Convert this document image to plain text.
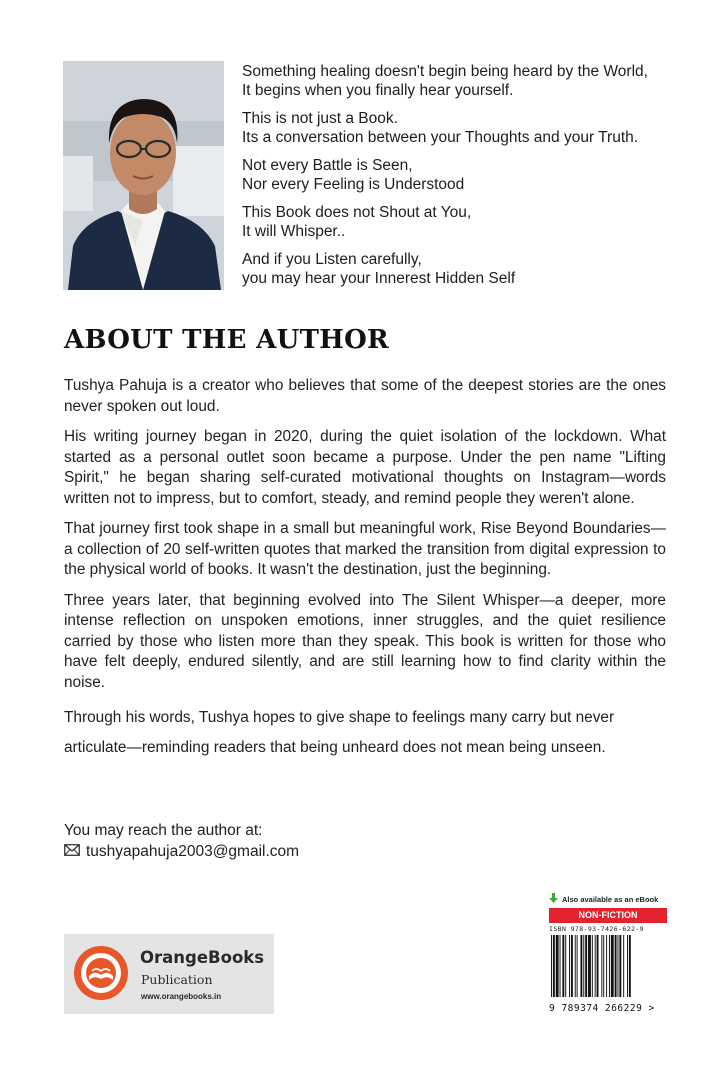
Something healing doesn't begin being heard by the World,
It begins when you finally hear yourself.
This is not just a Book.
Its a conversation between your Thoughts and your Truth.
Not every Battle is Seen,
Nor every Feeling is Understood
This Book does not Shout at You,
It will Whisper..
And if you Listen carefully,
you may hear your Innerest Hidden Self
ABOUT THE AUTHOR

Tushya Pahuja is a creator who believes that some of the deepest stories are the ones never spoken out loud.

His writing journey began in 2020, during the quiet isolation of the lockdown. What started as a personal outlet soon became a purpose. Under the pen name "Lifting Spirit," he began sharing self-curated motivational thoughts on Instagram—words written not to impress, but to comfort, steady, and remind people they weren't alone.

That journey first took shape in a small but meaningful work, Rise Beyond Boundaries—a collection of 20 self-written quotes that marked the transition from digital expression to the physical world of books. It wasn't the destination, just the beginning.

Three years later, that beginning evolved into The Silent Whisper—a deeper, more intense reflection on unspoken emotions, inner struggles, and the quiet resilience carried by those who listen more than they speak. This book is written for those who have felt deeply, endured silently, and are still learning how to find clarity within the noise.

Through his words, Tushya hopes to give shape to feelings many carry but never articulate—reminding readers that being unheard does not mean being unseen.

You may reach the author at:
tushyapahuja2003@gmail.com
OrangeBooks
Publication
www.orangebooks.in
Also available as an eBook
NON-FICTION
ISBN 978-93-7426-622-9
9 789374 266229 >
